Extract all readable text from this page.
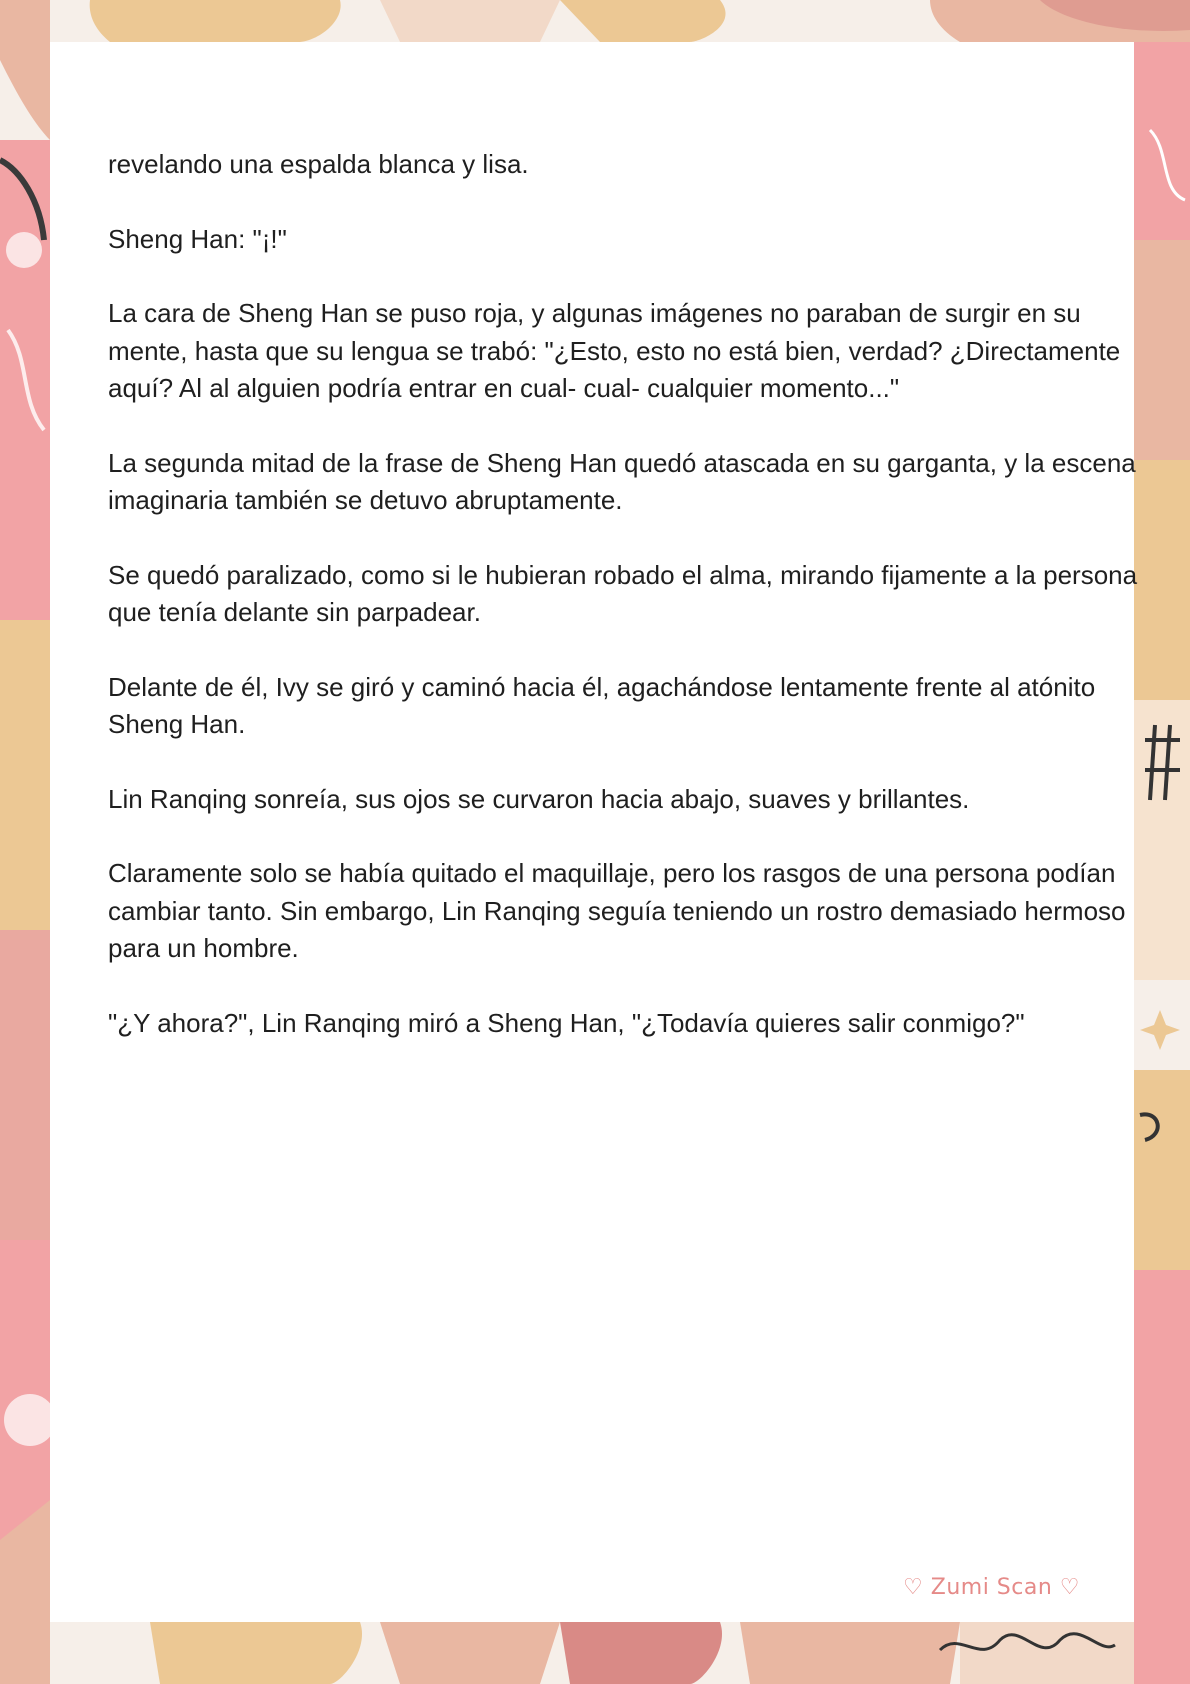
revelando una espalda blanca y lisa.

Sheng Han: "¡!"

La cara de Sheng Han se puso roja, y algunas imágenes no paraban de surgir en su mente, hasta que su lengua se trabó: "¿Esto, esto no está bien, verdad? ¿Directamente aquí? Al al alguien podría entrar en cual- cual- cualquier momento..."

La segunda mitad de la frase de Sheng Han quedó atascada en su garganta, y la escena imaginaria también se detuvo abruptamente.

Se quedó paralizado, como si le hubieran robado el alma, mirando fijamente a la persona que tenía delante sin parpadear.

Delante de él, Ivy se giró y caminó hacia él, agachándose lentamente frente al atónito Sheng Han.

Lin Ranqing sonreía, sus ojos se curvaron hacia abajo, suaves y brillantes.

Claramente solo se había quitado el maquillaje, pero los rasgos de una persona podían cambiar tanto. Sin embargo, Lin Ranqing seguía teniendo un rostro demasiado hermoso para un hombre.

"¿Y ahora?", Lin Ranqing miró a Sheng Han, "¿Todavía quieres salir conmigo?"

♡ Zumi Scan ♡
